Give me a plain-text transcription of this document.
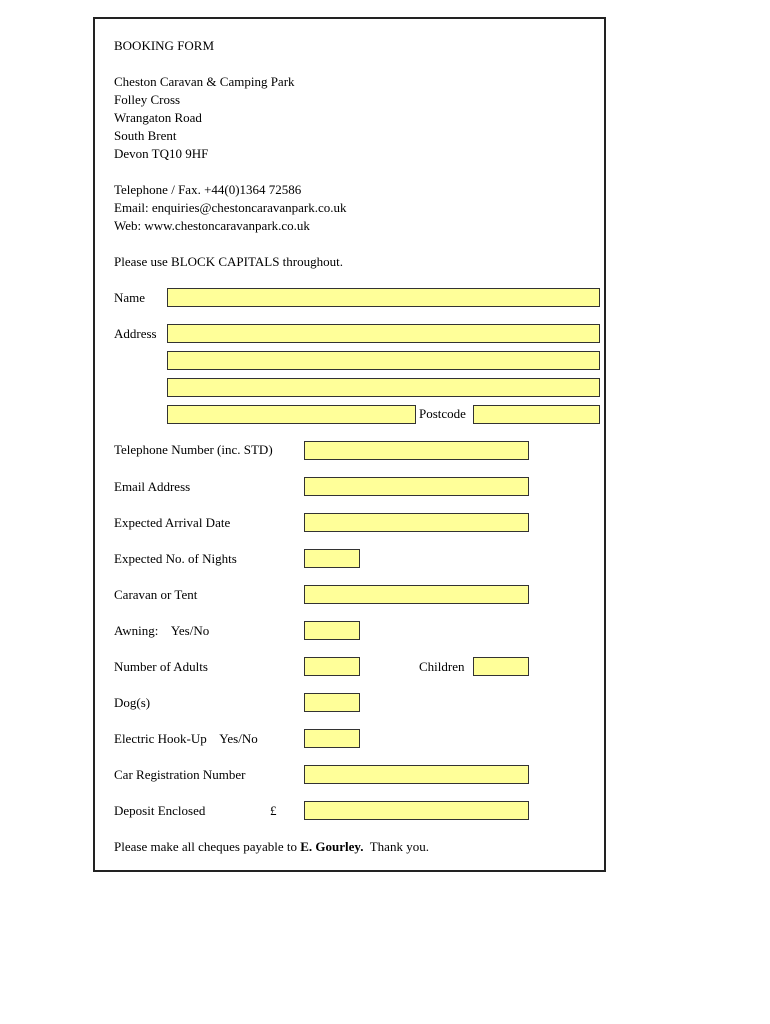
BOOKING FORM
Cheston Caravan & Camping Park
Folley Cross
Wrangaton Road
South Brent
Devon TQ10 9HF
Telephone / Fax. +44(0)1364 72586
Email: enquiries@chestoncaravanpark.co.uk
Web: www.chestoncaravanpark.co.uk
Please use BLOCK CAPITALS throughout.
Name
Address
Postcode
Telephone Number (inc. STD)
Email Address
Expected Arrival Date
Expected No. of Nights
Caravan or Tent
Awning:    Yes/No
Number of Adults	Children
Dog(s)
Electric Hook-Up    Yes/No
Car Registration Number
Deposit Enclosed	£
Please make all cheques payable to E. Gourley.  Thank you.
